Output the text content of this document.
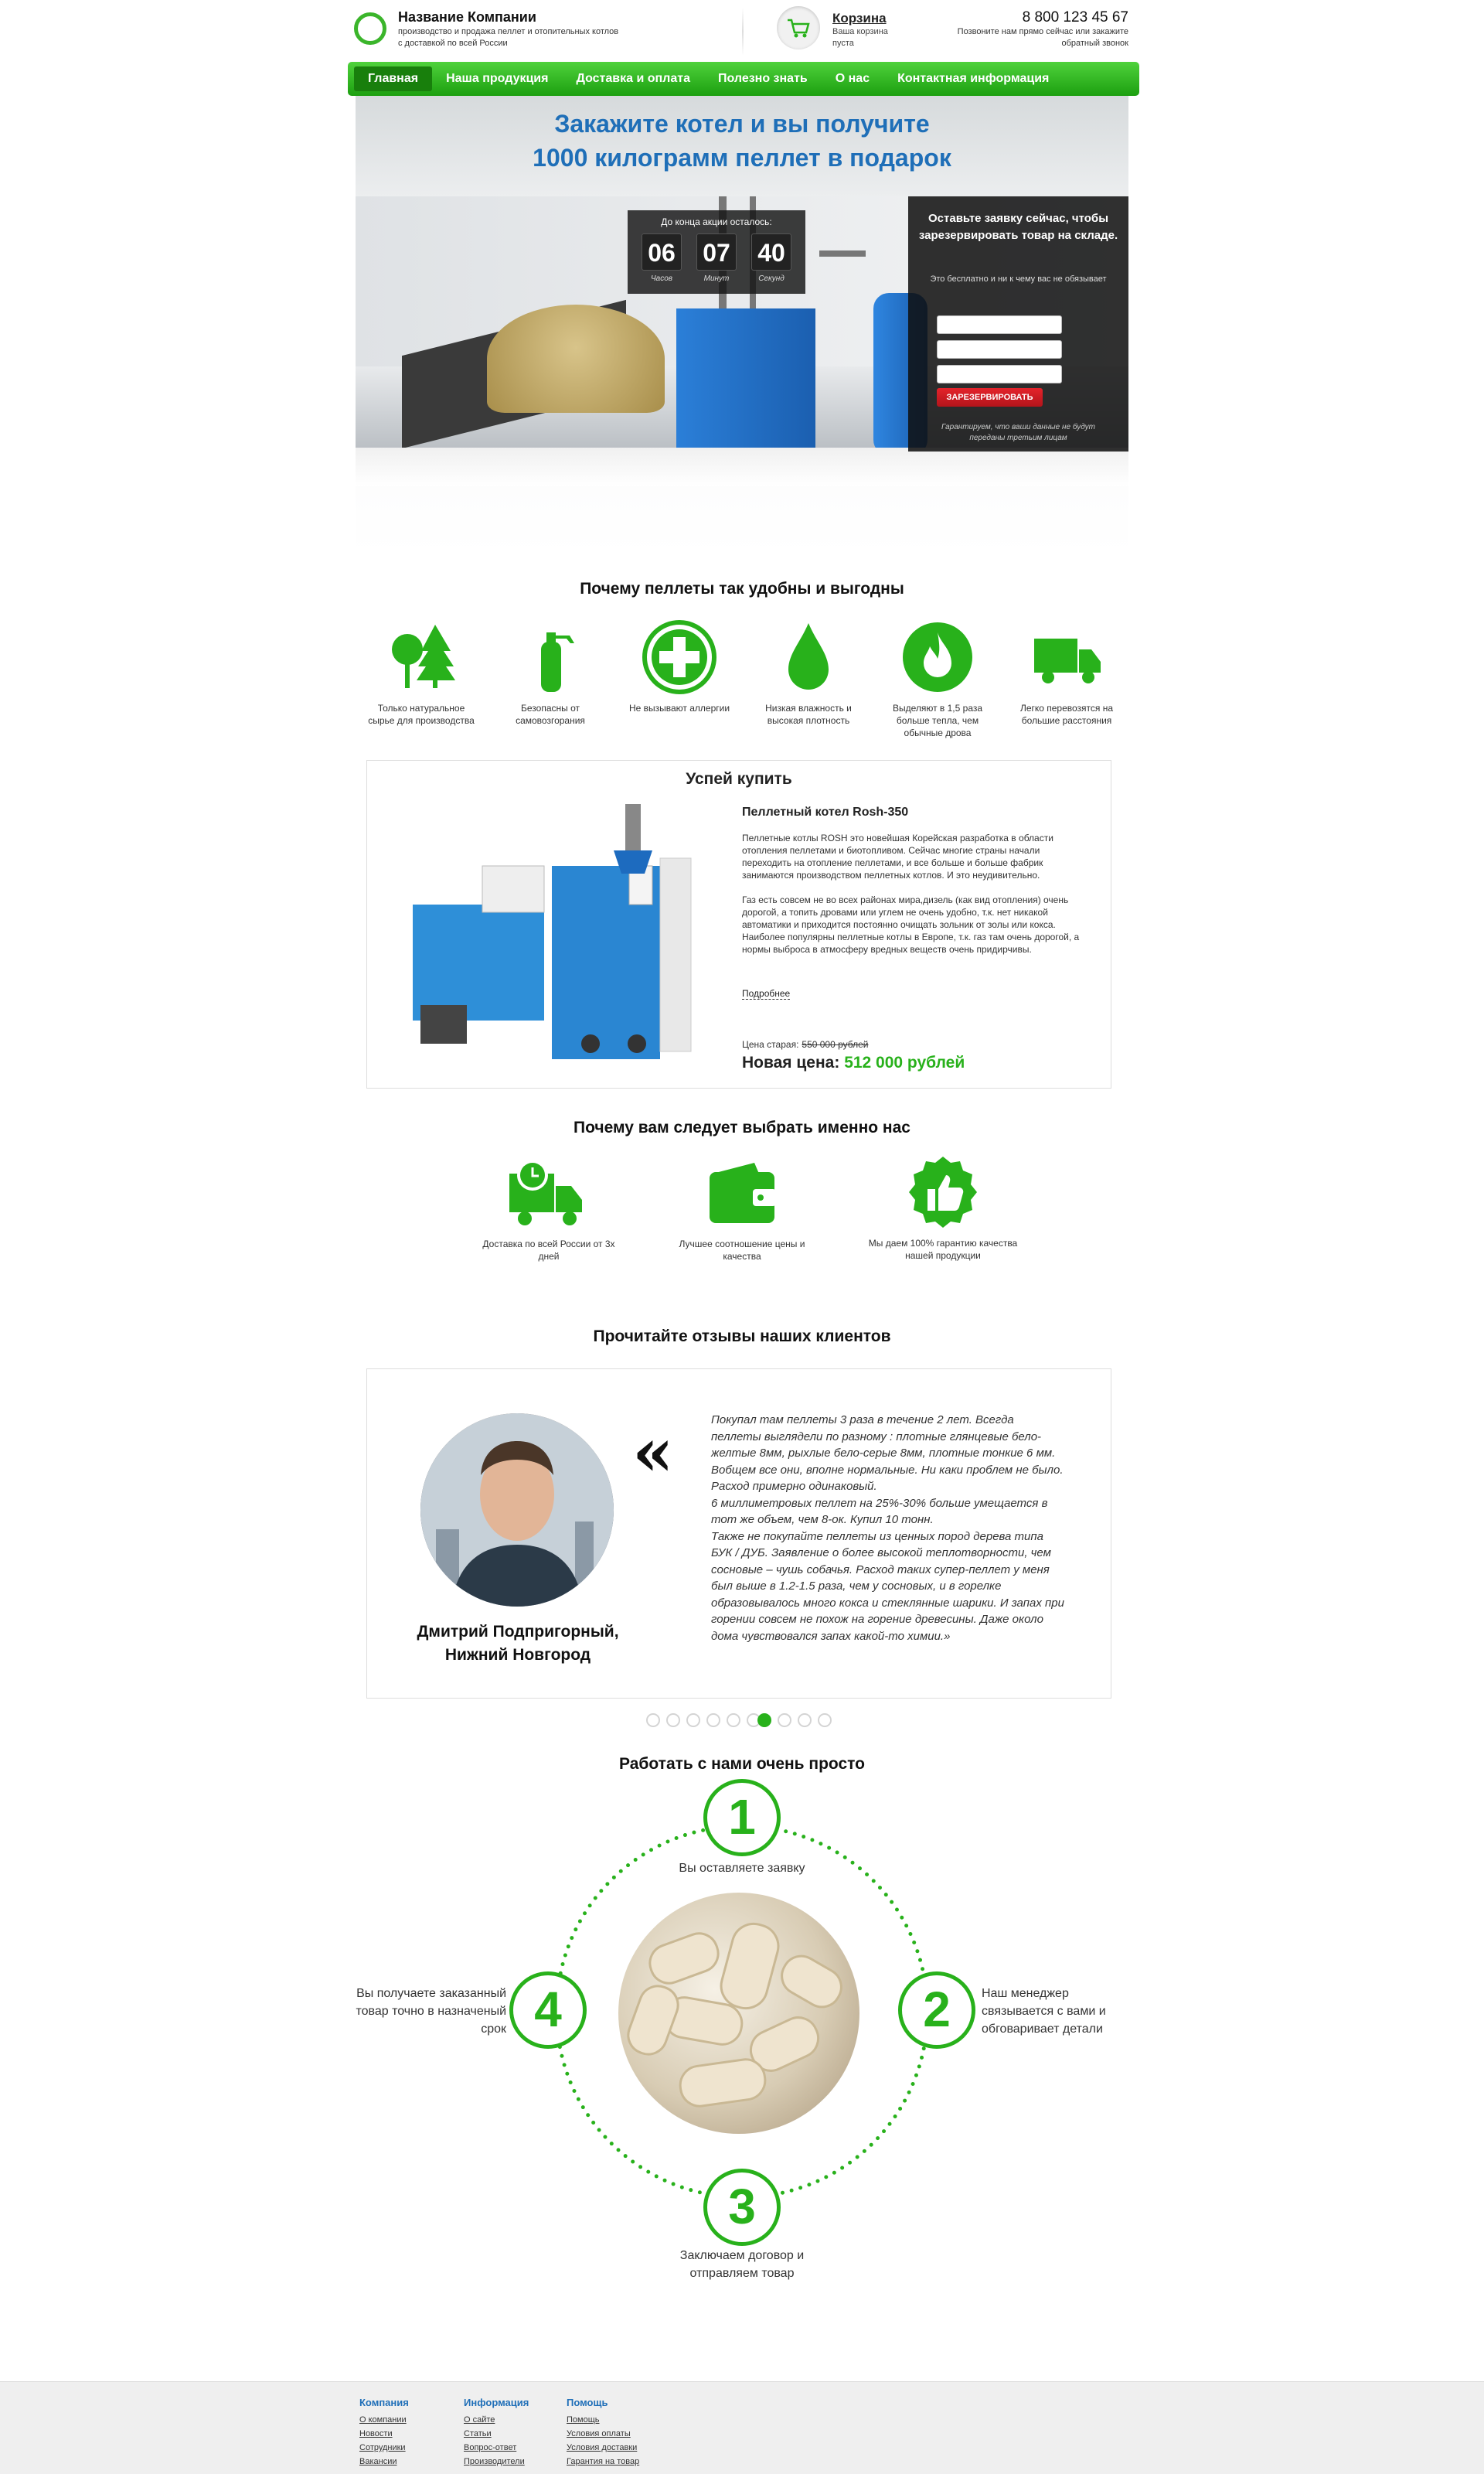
Название Компании
производство и продажа пеллет и отопительных котлов с доставкой по всей России
Корзина
Ваша корзина пуста
8 800 123 45 67
Позвоните нам прямо сейчас или закажите обратный звонок
Главная	Наша продукция	Доставка и оплата	Полезно знать	О нас	Контактная информация
Закажите котел и вы получите
1000 килограмм пеллет в подарок
До конца акции осталось:
06 07 40
Часов	Минут	Секунд
Оставьте заявку сейчас, чтобы зарезервировать товар на складе.
Это бесплатно и ни к чему вас не обязывает
ЗАРЕЗЕРВИРОВАТЬ
Гарантируем, что ваши данные не будут переданы третьим лицам
Почему пеллеты так удобны и выгодны
Только натуральное сырье для производства
Безопасны от самовозгорания
Не вызывают аллергии	Низкая влажность и высокая плотность
Выделяют в 1,5 раза больше тепла, чем обычные дрова
Легко перевозятся на большие расстояния
Успей купить
Пеллетный котел Rosh-350

Пеллетные котлы ROSH это новейшая Корейская разработка в области отопления пеллетами и биотопливом. Сейчас многие страны начали переходить на отопление пеллетами, и все больше и больше фабрик занимаются производством пеллетных котлов. И это неудивительно.

Газ есть совсем не во всех районах мира,дизель (как вид отопления) очень дорогой, а топить дровами или углем не очень удобно, т.к. нет никакой автоматики и приходится постоянно очищать зольник от золы или кокса. Наиболее популярны пеллетные котлы в Европе, т.к. газ там очень дорогой, а нормы выброса в атмосферу вредных веществ очень придирчивы.

Подробнее
Цена старая: 550 000 рублей
Новая цена: 512 000 рублей
Почему вам следует выбрать именно нас
Доставка по всей России от 3х дней
Лучшее соотношение цены и качества
Мы даем 100% гарантию качества нашей продукции
Прочитайте отзывы наших клиентов
Дмитрий Подпригорный,
Нижний Новгород
«	Покупал там пеллеты 3 раза в течение 2 лет. Всегда пеллеты выглядели по разному : плотные глянцевые бело-желтые 8мм, рыхлые бело-серые 8мм, плотные тонкие 6 мм. Вобщем все они, вполне нормальные. Ни каки проблем не было. Расход примерно одинаковый.
6 миллиметровых пеллет на 25%-30% больше умещается в тот же объем, чем 8-ок. Купил 10 тонн.
Также не покупайте пеллеты из ценных пород дерева типа БУК / ДУБ. Заявление о более высокой теплотворности, чем сосновые – чушь собачья. Расход таких супер-пеллет у меня был выше в 1.2-1.5 раза, чем у сосновых, и в горелке образовывалось много кокса и стеклянные шарики. И запах при горении совсем не похож на горение древесины. Даже около дома чувствовался запах какой-то химии.»
Работать с нами очень просто
1
Вы оставляете заявку
2	Наш менеджер связывается с вами и обговаривает детали
3
Заключаем договор и отправляем товар
4
Вы получаете заказанный товар точно в назначеный срок
Компания
О компании
Новости
Сотрудники
Вакансии
Информация
О сайте
Статьи
Вопрос-ответ
Производители
Помощь
Помощь
Условия оплаты
Условия доставки
Гарантия на товар
